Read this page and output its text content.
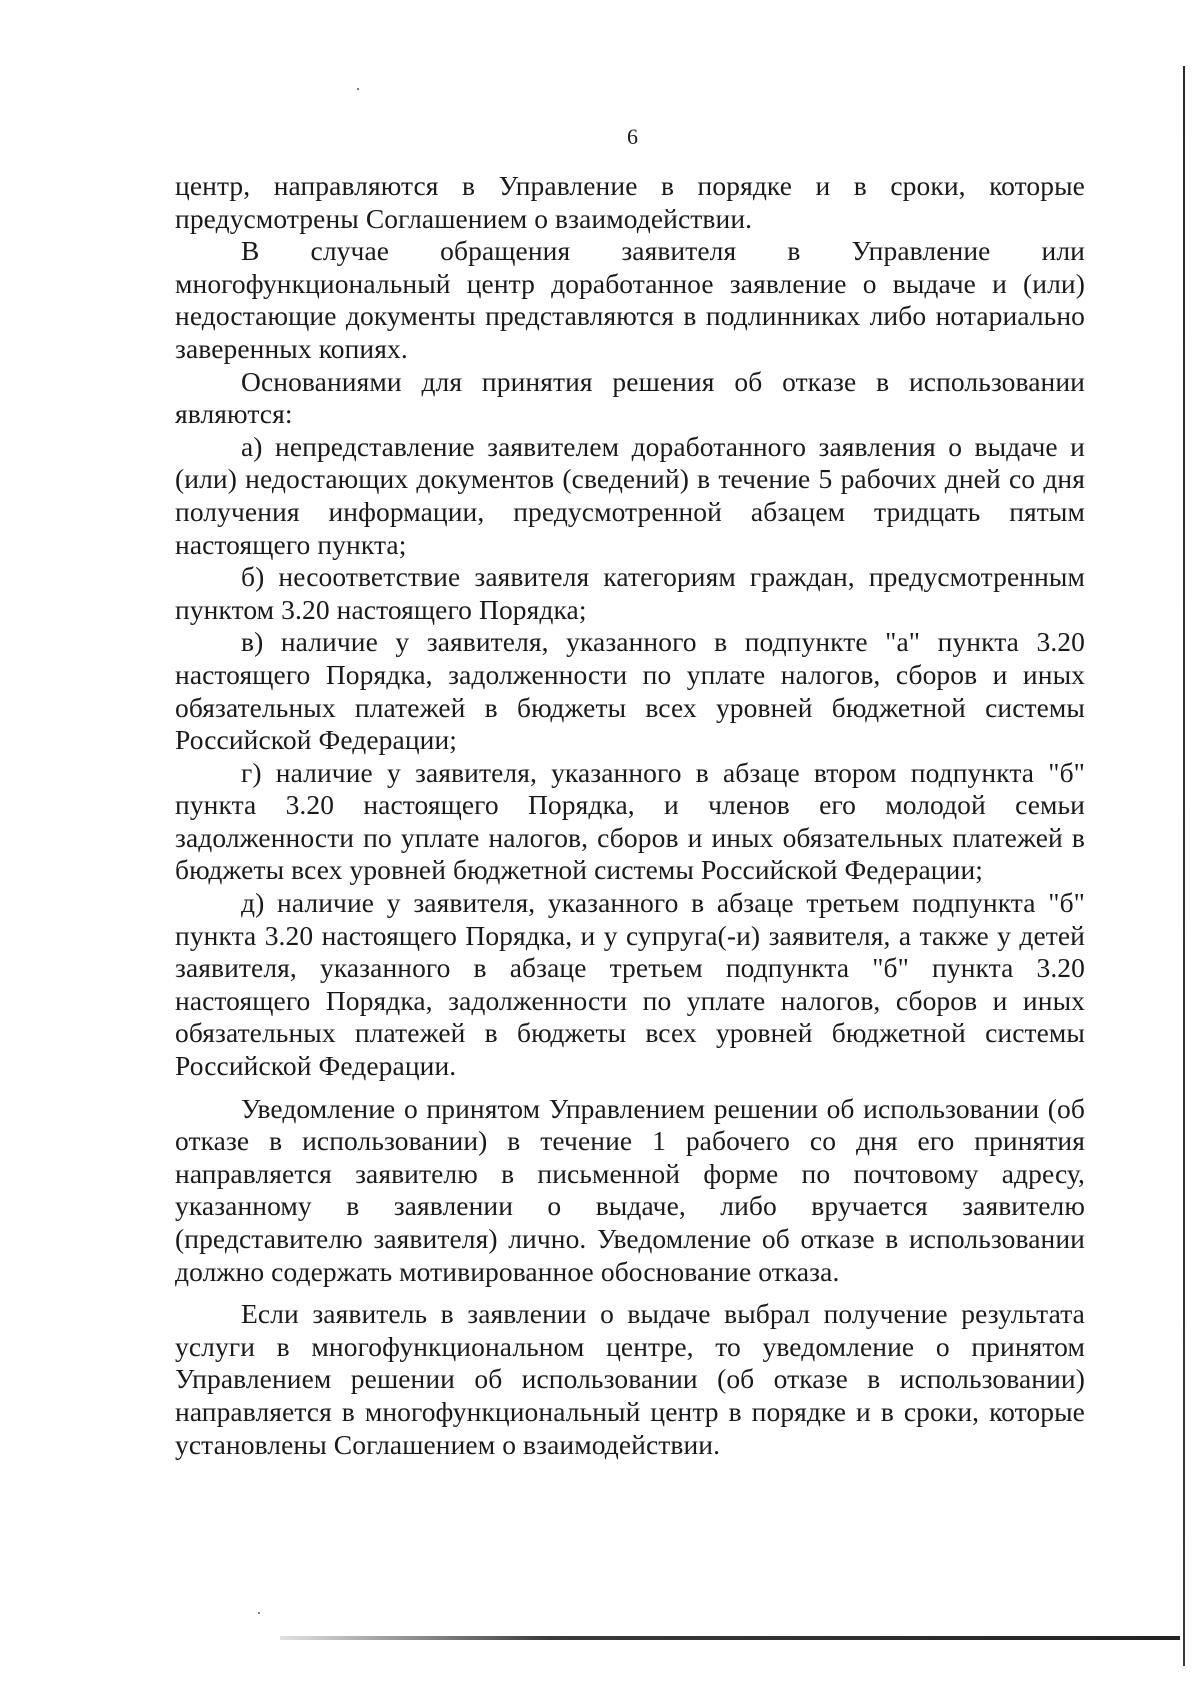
6

центр, направляются в Управление в порядке и в сроки, которые предусмотрены Соглашением о взаимодействии.

В случае обращения заявителя в Управление или многофункциональный центр доработанное заявление о выдаче и (или) недостающие документы представляются в подлинниках либо нотариально заверенных копиях.

Основаниями для принятия решения об отказе в использовании являются:

а) непредставление заявителем доработанного заявления о выдаче и (или) недостающих документов (сведений) в течение 5 рабочих дней со дня получения информации, предусмотренной абзацем тридцать пятым настоящего пункта;

б) несоответствие заявителя категориям граждан, предусмотренным пунктом 3.20 настоящего Порядка;

в) наличие у заявителя, указанного в подпункте "а" пункта 3.20 настоящего Порядка, задолженности по уплате налогов, сборов и иных обязательных платежей в бюджеты всех уровней бюджетной системы Российской Федерации;

г) наличие у заявителя, указанного в абзаце втором подпункта "б" пункта 3.20 настоящего Порядка, и членов его молодой семьи задолженности по уплате налогов, сборов и иных обязательных платежей в бюджеты всех уровней бюджетной системы Российской Федерации;

д) наличие у заявителя, указанного в абзаце третьем подпункта "б" пункта 3.20 настоящего Порядка, и у супруга(-и) заявителя, а также у детей заявителя, указанного в абзаце третьем подпункта "б" пункта 3.20 настоящего Порядка, задолженности по уплате налогов, сборов и иных обязательных платежей в бюджеты всех уровней бюджетной системы Российской Федерации.

Уведомление о принятом Управлением решении об использовании (об отказе в использовании) в течение 1 рабочего со дня его принятия направляется заявителю в письменной форме по почтовому адресу, указанному в заявлении о выдаче, либо вручается заявителю (представителю заявителя) лично. Уведомление об отказе в использовании должно содержать мотивированное обоснование отказа.

Если заявитель в заявлении о выдаче выбрал получение результата услуги в многофункциональном центре, то уведомление о принятом Управлением решении об использовании (об отказе в использовании) направляется в многофункциональный центр в порядке и в сроки, которые установлены Соглашением о взаимодействии.
